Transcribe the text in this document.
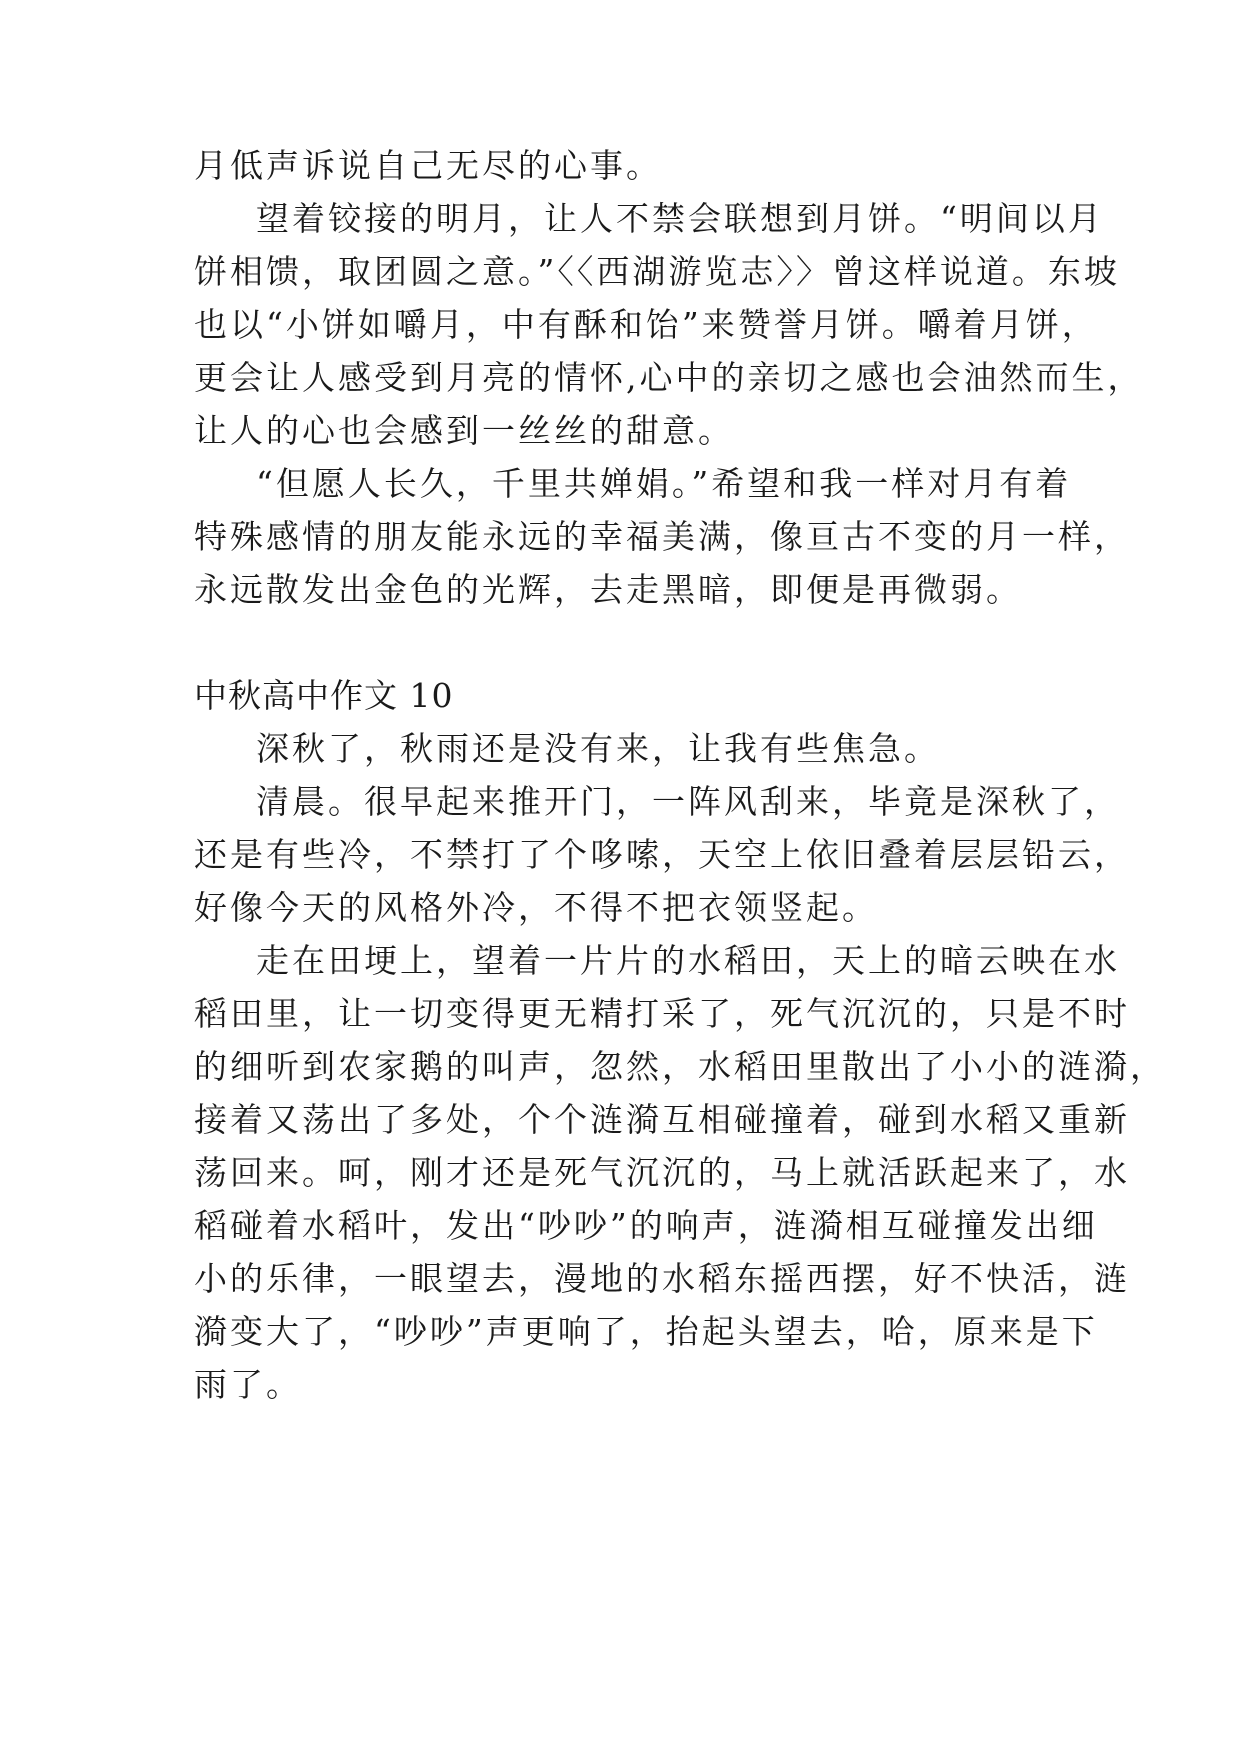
月低声诉说自己无尽的心事。
望着铰接的明月，让人不禁会联想到月饼。“明间以月
饼相馈，取团圆之意。”〈〈西湖游览志〉〉曾这样说道。东坡
也以“小饼如嚼月，中有酥和饴”来赞誉月饼。嚼着月饼，
更会让人感受到月亮的情怀,心中的亲切之感也会油然而生，
让人的心也会感到一丝丝的甜意。
“但愿人长久，千里共婵娟。”希望和我一样对月有着
特殊感情的朋友能永远的幸福美满，像亘古不变的月一样，
永远散发出金色的光辉，去走黑暗，即便是再微弱。
中秋高中作文 10
深秋了，秋雨还是没有来，让我有些焦急。
清晨。很早起来推开门，一阵风刮来，毕竟是深秋了，
还是有些冷，不禁打了个哆嗦，天空上依旧叠着层层铅云，
好像今天的风格外冷，不得不把衣领竖起。
走在田埂上，望着一片片的水稻田，天上的暗云映在水
稻田里，让一切变得更无精打采了，死气沉沉的，只是不时
的细听到农家鹅的叫声，忽然，水稻田里散出了小小的涟漪，
接着又荡出了多处，个个涟漪互相碰撞着，碰到水稻又重新
荡回来。呵，刚才还是死气沉沉的，马上就活跃起来了，水
稻碰着水稻叶，发出“吵吵”的响声，涟漪相互碰撞发出细
小的乐律，一眼望去，漫地的水稻东摇西摆，好不快活，涟
漪变大了，“吵吵”声更响了，抬起头望去，哈，原来是下
雨了。
